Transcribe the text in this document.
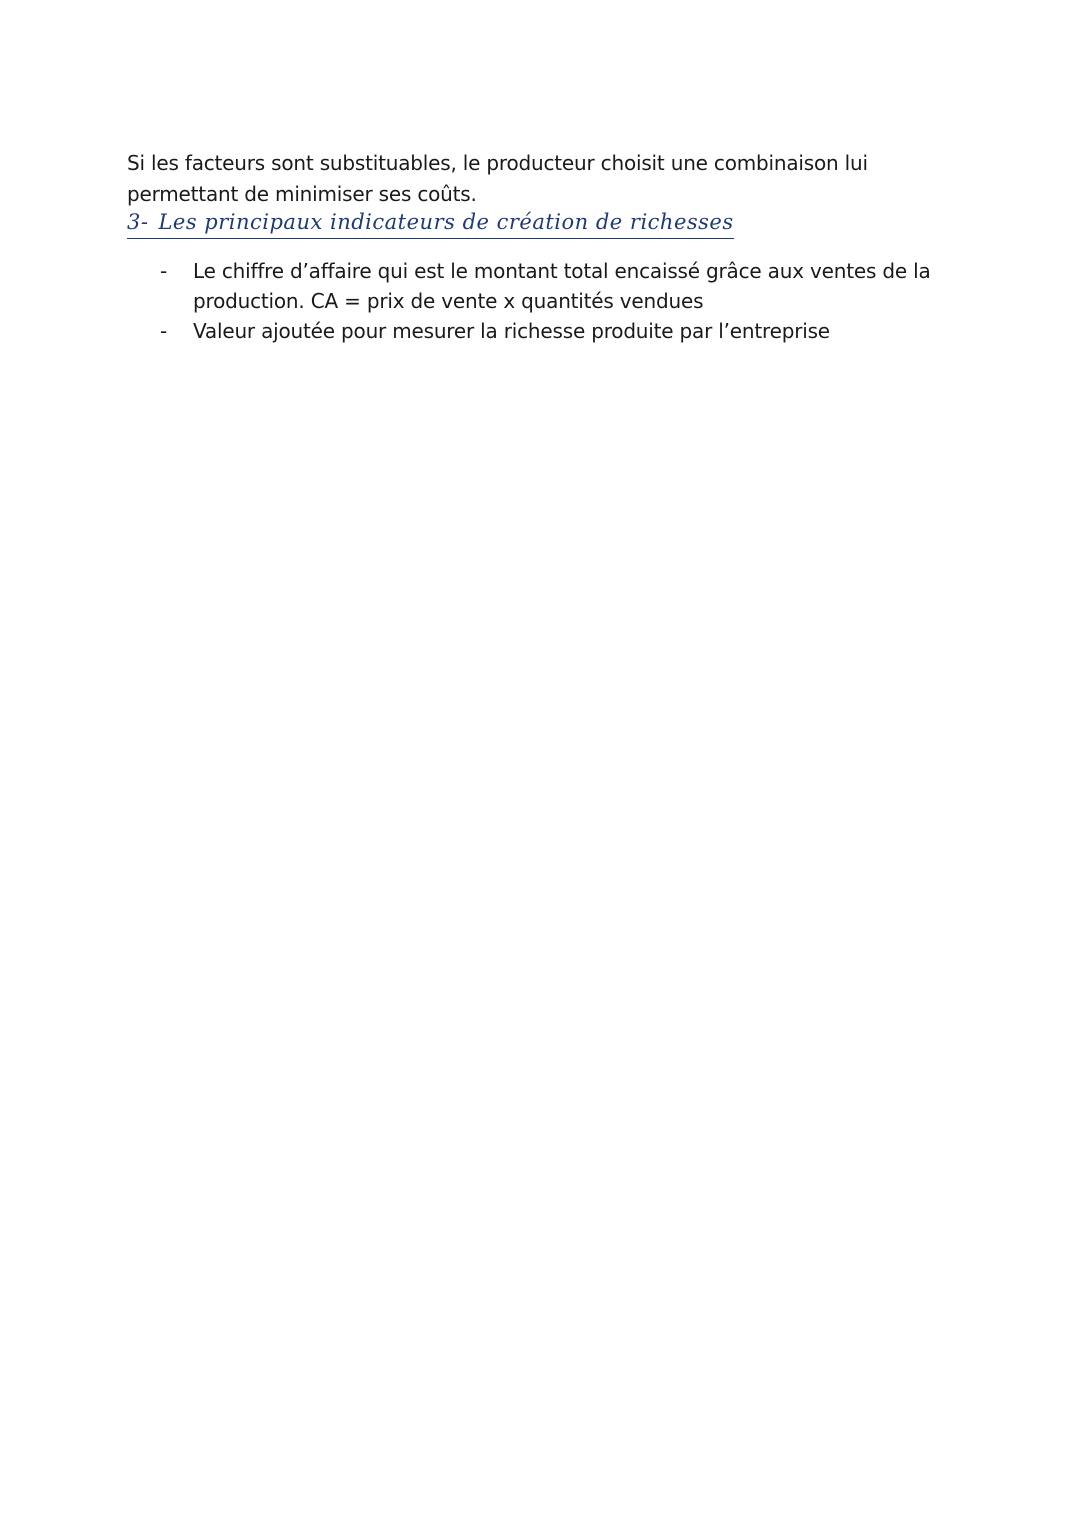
Si les facteurs sont substituables, le producteur choisit une combinaison lui permettant de minimiser ses coûts.

3- Les principaux indicateurs de création de richesses
- Le chiffre d’affaire qui est le montant total encaissé grâce aux ventes de la production. CA = prix de vente x quantités vendues
- Valeur ajoutée pour mesurer la richesse produite par l’entreprise
